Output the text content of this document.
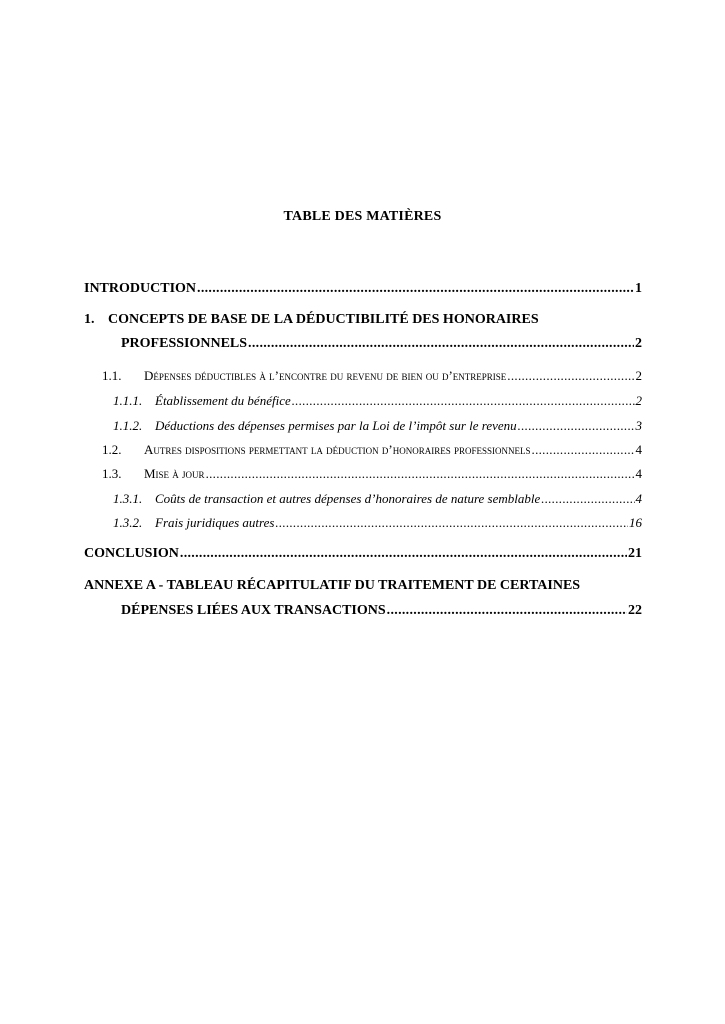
TABLE DES MATIÈRES
INTRODUCTION .....	1
1. CONCEPTS DE BASE DE LA DÉDUCTIBILITÉ DES HONORAIRES
PROFESSIONNELS .....	2
1.1.	Dépenses déductibles à l’encontre du revenu de bien ou d’entreprise .....	2
1.1.1. Établissement du bénéfice .....	2
1.1.2. Déductions des dépenses permises par la Loi de l’impôt sur le revenu .....	3
1.2.	Autres dispositions permettant la déduction d’honoraires professionnels .....	4
1.3.	Mise à jour .....	4
1.3.1. Coûts de transaction et autres dépenses d’honoraires de nature semblable .....	4
1.3.2. Frais juridiques autres .....	16
CONCLUSION .....	21
ANNEXE A - TABLEAU RÉCAPITULATIF DU TRAITEMENT DE CERTAINES
DÉPENSES LIÉES AUX TRANSACTIONS .....	22
